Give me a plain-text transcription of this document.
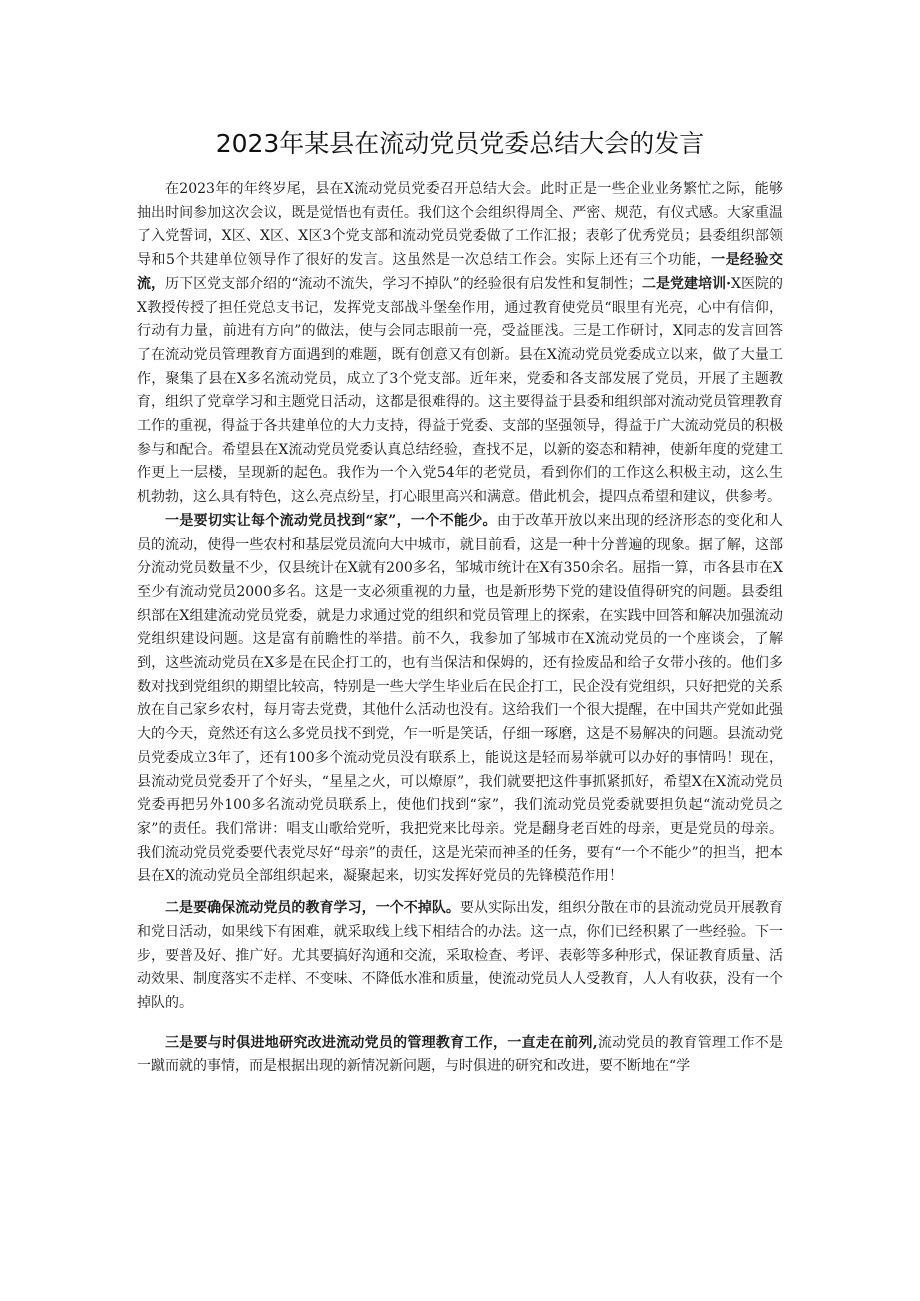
2023年某县在流动党员党委总结大会的发言

在2023年的年终岁尾，县在X流动党员党委召开总结大会。此时正是一些企业业务繁忙之际，能够抽出时间参加这次会议，既是觉悟也有责任。我们这个会组织得周全、严密、规范，有仪式感。大家重温了入党誓词，X区、X区、X区3个党支部和流动党员党委做了工作汇报；表彰了优秀党员；县委组织部领导和5个共建单位领导作了很好的发言。这虽然是一次总结工作会。实际上还有三个功能，一是经验交流，历下区党支部介绍的“流动不流失，学习不掉队”的经验很有启发性和复制性；二是党建培训·X医院的X教授传授了担任党总支书记，发挥党支部战斗堡垒作用，通过教育使党员“眼里有光亮，心中有信仰，行动有力量，前进有方向”的做法，使与会同志眼前一亮，受益匪浅。三是工作研讨，X同志的发言回答了在流动党员管理教育方面遇到的难题，既有创意又有创新。县在X流动党员党委成立以来，做了大量工作，聚集了县在X多名流动党员，成立了3个党支部。近年来，党委和各支部发展了党员，开展了主题教育，组织了党章学习和主题党日活动，这都是很难得的。这主要得益于县委和组织部对流动党员管理教育工作的重视，得益于各共建单位的大力支持，得益于党委、支部的坚强领导，得益于广大流动党员的积极参与和配合。希望县在X流动党员党委认真总结经验，查找不足，以新的姿态和精神，使新年度的党建工作更上一层楼，呈现新的起色。我作为一个入党54年的老党员，看到你们的工作这么积极主动，这么生机勃勃，这么具有特色，这么亮点纷呈，打心眼里高兴和满意。借此机会，提四点希望和建议，供参考。

一是要切实让每个流动党员找到“家”，一个不能少。由于改革开放以来出现的经济形态的变化和人员的流动，使得一些农村和基层党员流向大中城市，就目前看，这是一种十分普遍的现象。据了解，这部分流动党员数量不少，仅县统计在X就有200多名，邹城市统计在X有350余名。屈指一算，市各县市在X至少有流动党员2000多名。这是一支必须重视的力量，也是新形势下党的建设值得研究的问题。县委组织部在X组建流动党员党委，就是力求通过党的组织和党员管理上的探索，在实践中回答和解决加强流动党组织建设问题。这是富有前瞻性的举措。前不久，我参加了邹城市在X流动党员的一个座谈会，了解到，这些流动党员在X多是在民企打工的，也有当保洁和保姆的，还有捡废品和给子女带小孩的。他们多数对找到党组织的期望比较高，特别是一些大学生毕业后在民企打工，民企没有党组织，只好把党的关系放在自己家乡农村，每月寄去党费，其他什么活动也没有。这给我们一个很大提醒，在中国共产党如此强大的今天，竟然还有这么多党员找不到党，乍一听是笑话，仔细一琢磨，这是不易解决的问题。县流动党员党委成立3年了，还有100多个流动党员没有联系上，能说这是轻而易举就可以办好的事情吗！现在，县流动党员党委开了个好头，“星星之火，可以燎原”，我们就要把这件事抓紧抓好，希望X在X流动党员党委再把另外100多名流动党员联系上，使他们找到“家”，我们流动党员党委就要担负起“流动党员之家”的责任。我们常讲：唱支山歌给党听，我把党来比母亲。党是翻身老百姓的母亲，更是党员的母亲。我们流动党员党委要代表党尽好“母亲”的责任，这是光荣而神圣的任务，要有“一个不能少”的担当，把本县在X的流动党员全部组织起来，凝聚起来，切实发挥好党员的先锋模范作用！

二是要确保流动党员的教育学习，一个不掉队。要从实际出发，组织分散在市的县流动党员开展教育和党日活动，如果线下有困难，就采取线上线下相结合的办法。这一点，你们已经积累了一些经验。下一步，要普及好、推广好。尤其要搞好沟通和交流，采取检查、考评、表彰等多种形式，保证教育质量、活动效果、制度落实不走样、不变味、不降低水准和质量，使流动党员人人受教育，人人有收获，没有一个掉队的。

三是要与时俱进地研究改进流动党员的管理教育工作，一直走在前列,流动党员的教育管理工作不是一蹴而就的事情，而是根据出现的新情况新问题，与时俱进的研究和改进，要不断地在“学
